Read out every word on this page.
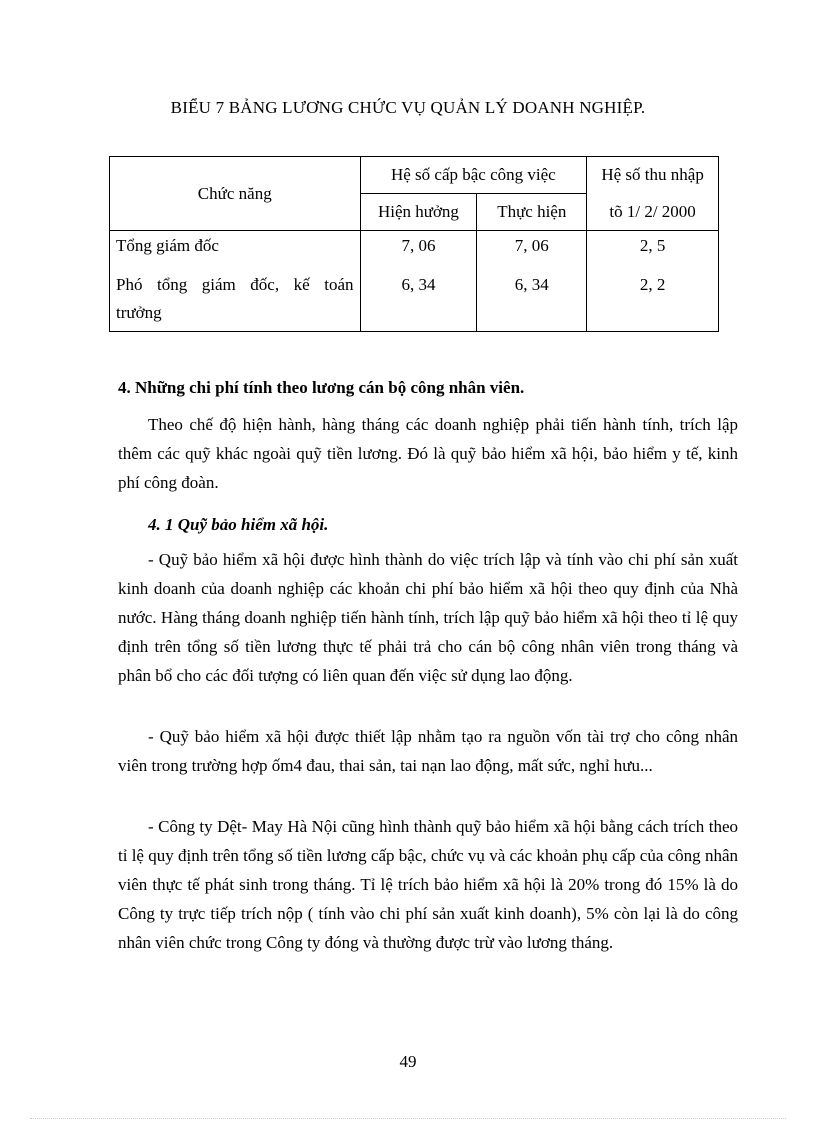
BIỂU 7 BẢNG LƯƠNG CHỨC VỤ QUẢN LÝ DOANH NGHIỆP.
Chức năng	Hệ số cấp bậc công việc		Hệ số thu nhập
	Hiện hưởng	Thực hiện	tõ 1/ 2/ 2000
Tổng giám đốc	7, 06	7, 06	2, 5

Phó tổng giám đốc, kế toán
trưởng	6, 34	6, 34	2, 2
4. Những chi phí tính theo lương cán bộ công nhân viên.

Theo chế độ hiện hành, hàng tháng các doanh nghiệp phải tiến hành tính, trích lập thêm các quỹ khác ngoài quỹ tiền lương. Đó là quỹ bảo hiểm xã hội, bảo hiểm y tế, kinh phí công đoàn.

4. 1 Quỹ bảo hiểm xã hội.

- Quỹ bảo hiểm xã hội được hình thành do việc trích lập và tính vào chi phí sản xuất kinh doanh của doanh nghiệp các khoản chi phí bảo hiểm xã hội theo quy định của Nhà nước. Hàng tháng doanh nghiệp tiến hành tính, trích lập quỹ bảo hiểm xã hội theo tỉ lệ quy định trên tổng số tiền lương thực tế phải trả cho cán bộ công nhân viên trong tháng và phân bổ cho các đối tượng có liên quan đến việc sử dụng lao động.

- Quỹ bảo hiểm xã hội được thiết lập nhằm tạo ra nguồn vốn tài trợ cho công nhân viên trong trường hợp ốm4 đau, thai sản, tai nạn lao động, mất sức, nghỉ hưu...

- Công ty Dệt- May Hà Nội cũng hình thành quỹ bảo hiểm xã hội bằng cách trích theo tỉ lệ quy định trên tổng số tiền lương cấp bậc, chức vụ và các khoản phụ cấp của công nhân viên thực tế phát sinh trong tháng. Tỉ lệ trích bảo hiểm xã hội là 20% trong đó 15% là do Công ty trực tiếp trích nộp ( tính vào chi phí sản xuất kinh doanh), 5% còn lại là do công nhân viên chức trong Công ty đóng và thường được trừ vào lương tháng.

49
